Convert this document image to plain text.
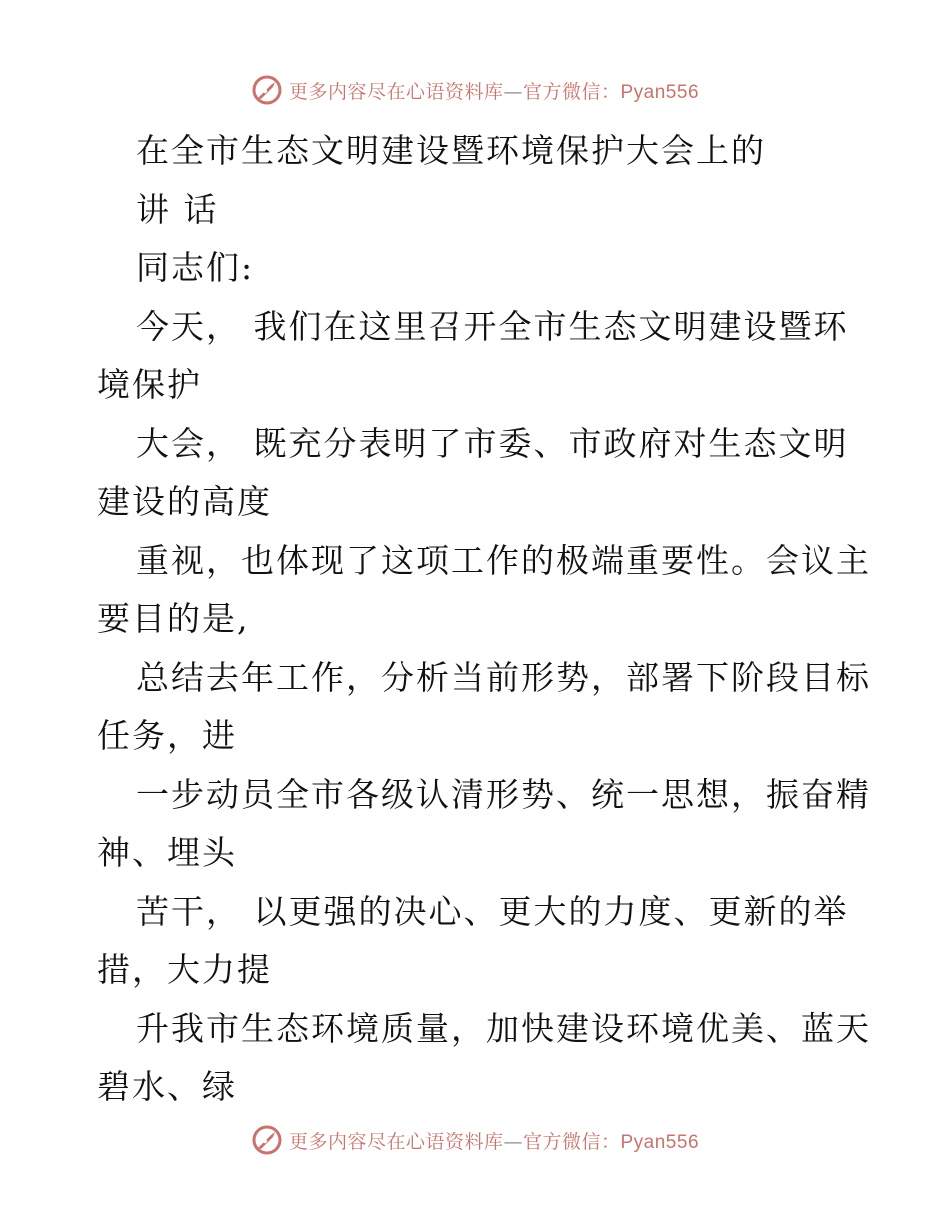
更多内容尽在心语资料库—官方微信：Pyan556
在全市生态文明建设暨环境保护大会上的
讲 话
同志们:
今天， 我们在这里召开全市生态文明建设暨环
境保护
大会， 既充分表明了市委、市政府对生态文明
建设的高度
重视，也体现了这项工作的极端重要性。会议主
要目的是,
总结去年工作，分析当前形势，部署下阶段目标
任务，进
一步动员全市各级认清形势、统一思想，振奋精
神、埋头
苦干， 以更强的决心、更大的力度、更新的举
措，大力提
升我市生态环境质量，加快建设环境优美、蓝天
碧水、绿
更多内容尽在心语资料库—官方微信：Pyan556
